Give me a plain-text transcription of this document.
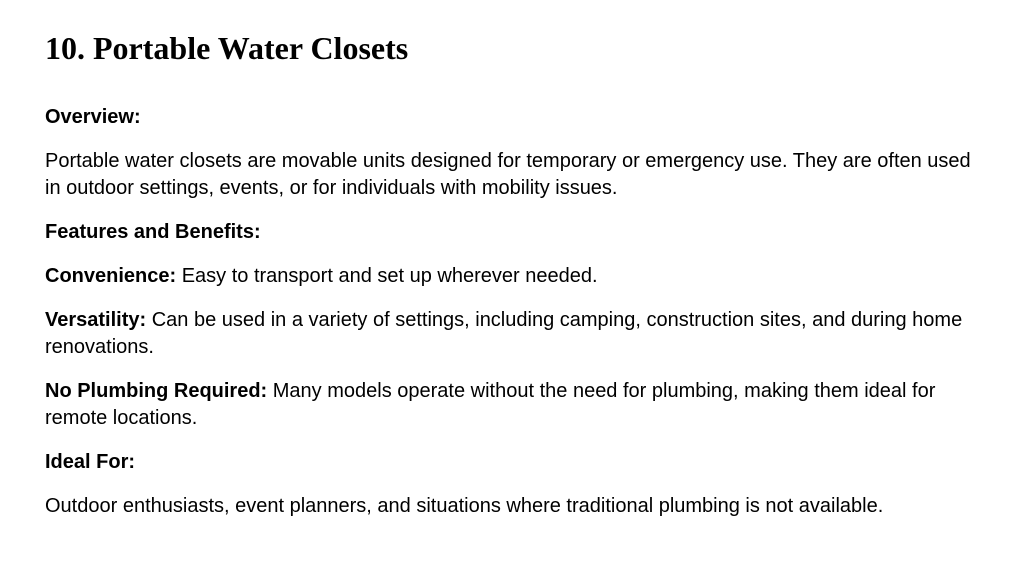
10. Portable Water Closets

Overview:

Portable water closets are movable units designed for temporary or emergency use. They are often used in outdoor settings, events, or for individuals with mobility issues.

Features and Benefits:

Convenience: Easy to transport and set up wherever needed.

Versatility: Can be used in a variety of settings, including camping, construction sites, and during home renovations.

No Plumbing Required: Many models operate without the need for plumbing, making them ideal for remote locations.

Ideal For:

Outdoor enthusiasts, event planners, and situations where traditional plumbing is not available.
